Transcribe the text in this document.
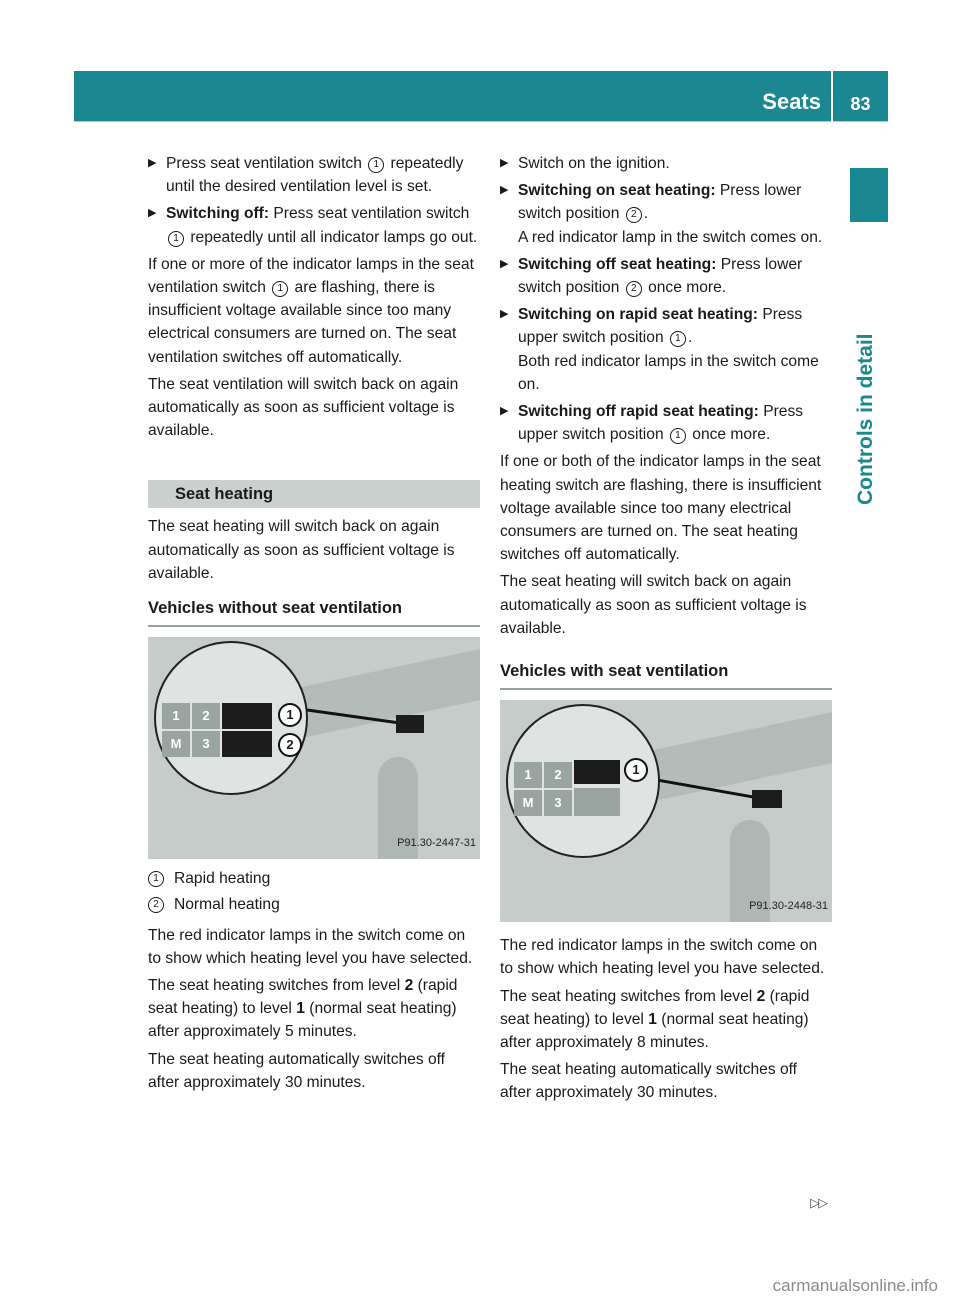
Seats	83
Controls in detail
▶ Press seat ventilation switch 1 repeatedly until the desired ventilation level is set.
▶ Switching off: Press seat ventilation switch 1 repeatedly until all indicator lamps go out.

If one or more of the indicator lamps in the seat ventilation switch 1 are flashing, there is insufficient voltage available since too many electrical consumers are turned on. The seat ventilation switches off automatically.

The seat ventilation will switch back on again automatically as soon as sufficient voltage is available.

Seat heating

The seat heating will switch back on again automatically as soon as sufficient voltage is available.

Vehicles without seat ventilation
1	2
M	3
1
2
P91.30-2447-31
1 Rapid heating
2 Normal heating

The red indicator lamps in the switch come on to show which heating level you have selected.

The seat heating switches from level 2 (rapid seat heating) to level 1 (normal seat heating) after approximately 5 minutes.

The seat heating automatically switches off after approximately 30 minutes.

▶ Switch on the ignition.
▶ Switching on seat heating: Press lower switch position 2 .
A red indicator lamp in the switch comes on.
▶ Switching off seat heating: Press lower switch position 2 once more.
▶ Switching on rapid seat heating: Press upper switch position 1 .
Both red indicator lamps in the switch come on.
▶ Switching off rapid seat heating: Press upper switch position 1 once more.

If one or both of the indicator lamps in the seat heating switch are flashing, there is insufficient voltage available since too many electrical consumers are turned on. The seat heating switches off automatically.

The seat heating will switch back on again automatically as soon as sufficient voltage is available.

Vehicles with seat ventilation
1	2
M	3
1
P91.30-2448-31

The red indicator lamps in the switch come on to show which heating level you have selected.

The seat heating switches from level 2 (rapid seat heating) to level 1 (normal seat heating) after approximately 8 minutes.

The seat heating automatically switches off after approximately 30 minutes.

▷▷
carmanualsonline.info
